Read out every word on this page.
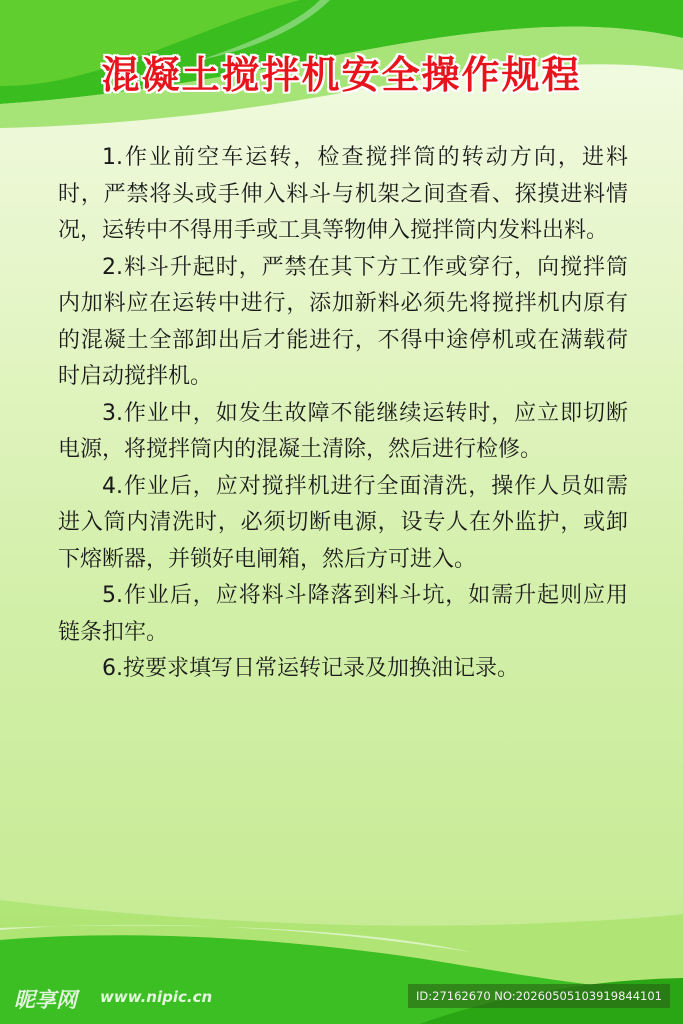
混凝土搅拌机安全操作规程

1.作业前空车运转，检查搅拌筒的转动方向，进料时，严禁将头或手伸入料斗与机架之间查看、探摸进料情况，运转中不得用手或工具等物伸入搅拌筒内发料出料。

2.料斗升起时，严禁在其下方工作或穿行，向搅拌筒内加料应在运转中进行，添加新料必须先将搅拌机内原有的混凝土全部卸出后才能进行，不得中途停机或在满载荷时启动搅拌机。

3.作业中，如发生故障不能继续运转时，应立即切断电源，将搅拌筒内的混凝土清除，然后进行检修。

4.作业后，应对搅拌机进行全面清洗，操作人员如需进入筒内清洗时，必须切断电源，设专人在外监护，或卸下熔断器，并锁好电闸箱，然后方可进入。

5.作业后，应将料斗降落到料斗坑，如需升起则应用链条扣牢。

6.按要求填写日常运转记录及加换油记录。

昵享网 www.nipic.cn	ID:27162670 NO:20260505103919844101
